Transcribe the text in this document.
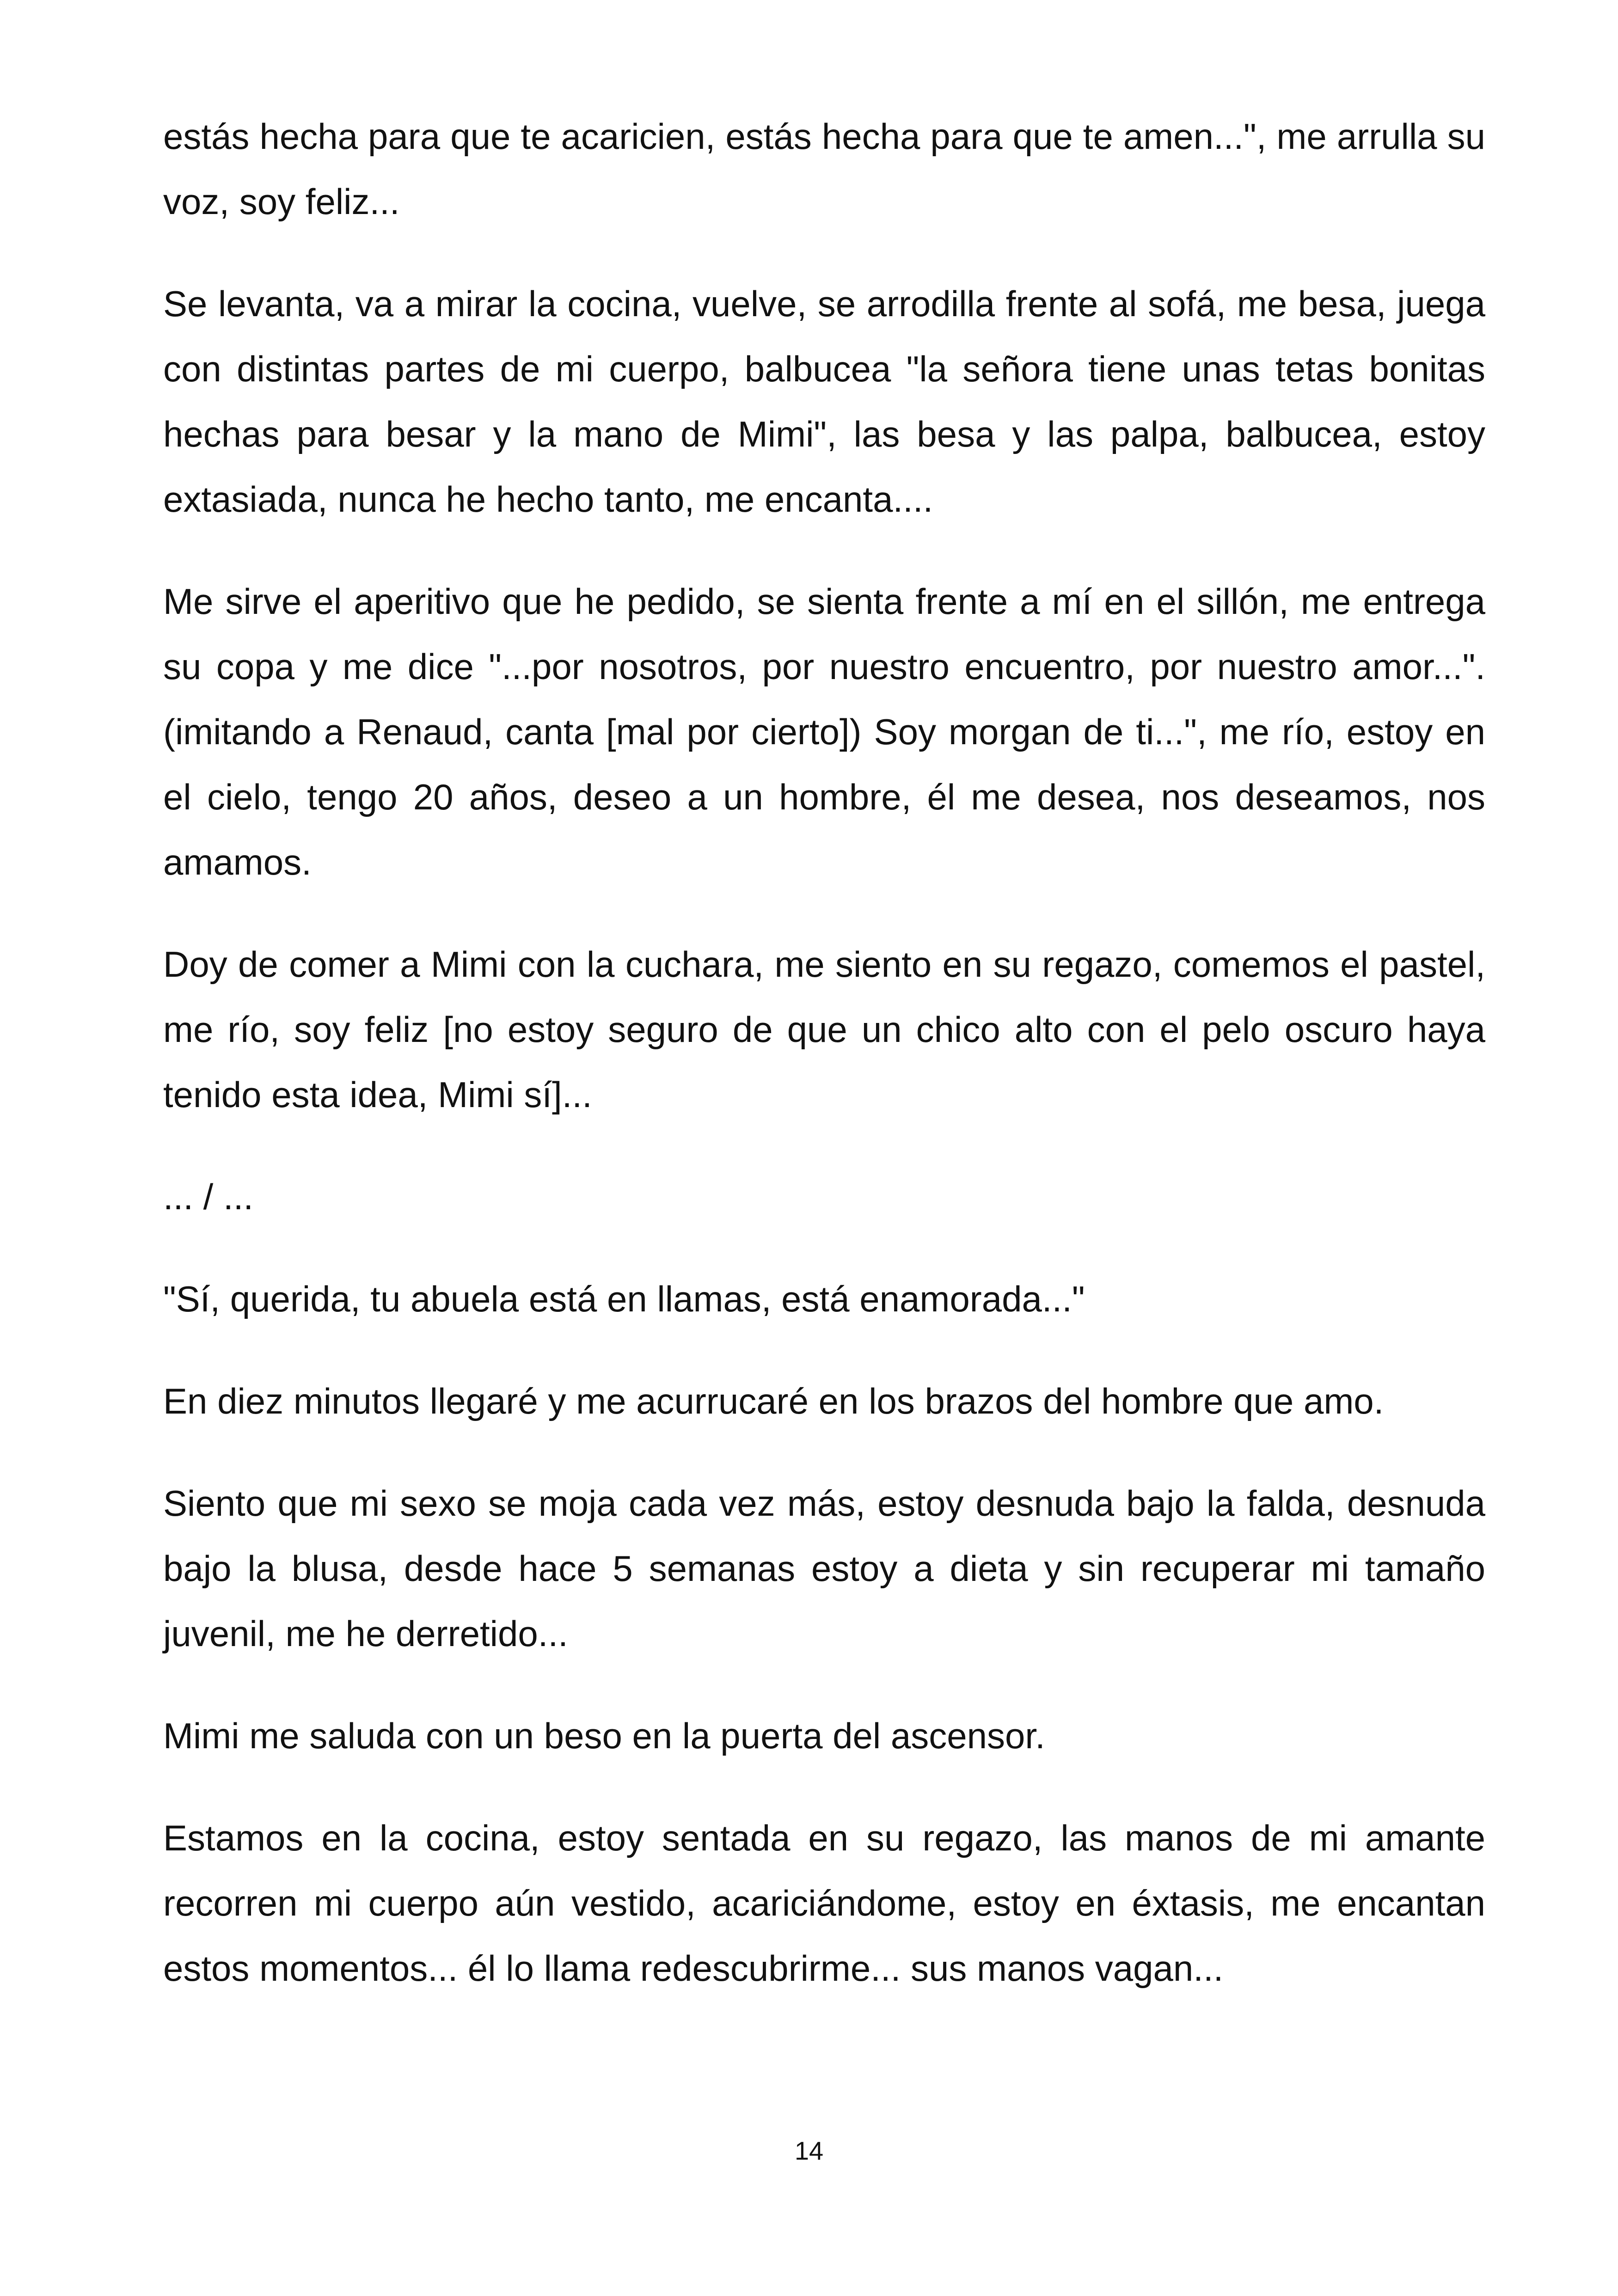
estás hecha para que te acaricien, estás hecha para que te amen...", me arrulla su voz, soy feliz...

Se levanta, va a mirar la cocina, vuelve, se arrodilla frente al sofá, me besa, juega con distintas partes de mi cuerpo, balbucea "la señora tiene unas tetas bonitas hechas para besar y la mano de Mimi", las besa y las palpa, balbucea, estoy extasiada, nunca he hecho tanto, me encanta....

Me sirve el aperitivo que he pedido, se sienta frente a mí en el sillón, me entrega su copa y me dice "...por nosotros, por nuestro encuentro, por nuestro amor...". (imitando a Renaud, canta [mal por cierto]) Soy morgan de ti...", me río, estoy en el cielo, tengo 20 años, deseo a un hombre, él me desea, nos deseamos, nos amamos.

Doy de comer a Mimi con la cuchara, me siento en su regazo, comemos el pastel, me río, soy feliz [no estoy seguro de que un chico alto con el pelo oscuro haya tenido esta idea, Mimi sí]...

... / ...

"Sí, querida, tu abuela está en llamas, está enamorada..."

En diez minutos llegaré y me acurrucaré en los brazos del hombre que amo.

Siento que mi sexo se moja cada vez más, estoy desnuda bajo la falda, desnuda bajo la blusa, desde hace 5 semanas estoy a dieta y sin recuperar mi tamaño juvenil, me he derretido...

Mimi me saluda con un beso en la puerta del ascensor.

Estamos en la cocina, estoy sentada en su regazo, las manos de mi amante recorren mi cuerpo aún vestido, acariciándome, estoy en éxtasis, me encantan estos momentos... él lo llama redescubrirme... sus manos vagan...

14
